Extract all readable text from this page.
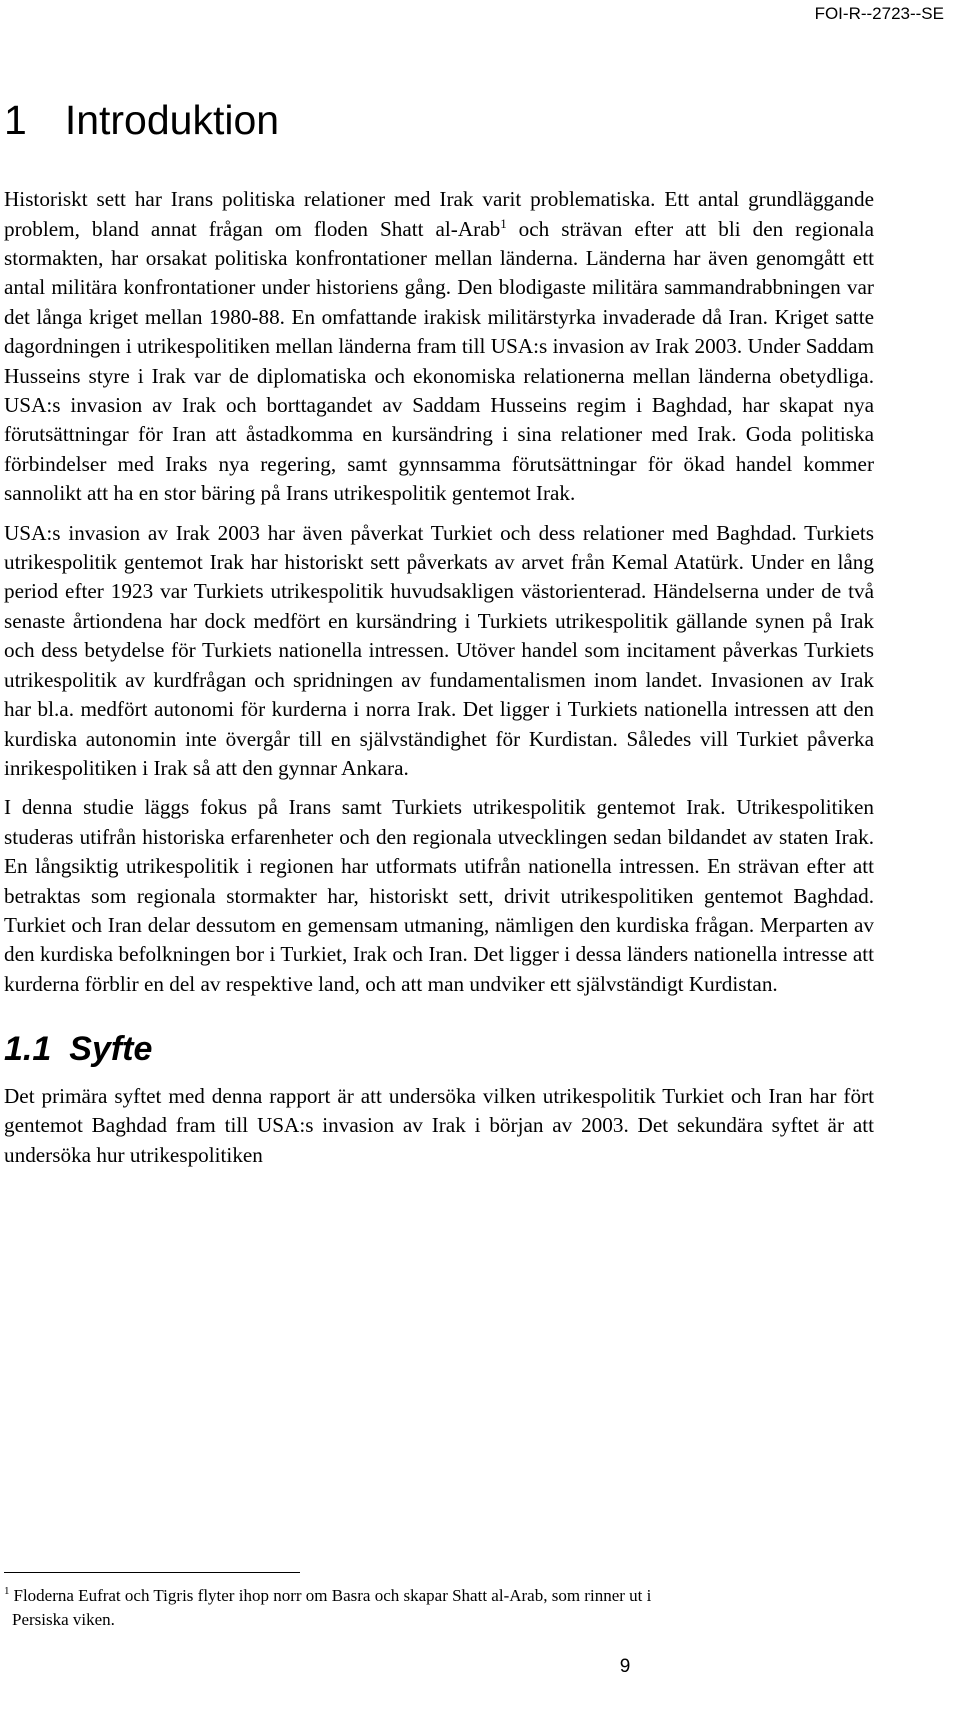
FOI-R--2723--SE
1 Introduktion

Historiskt sett har Irans politiska relationer med Irak varit problematiska. Ett antal grundläggande problem, bland annat frågan om floden Shatt al-Arab$^1$ och strävan efter att bli den regionala stormakten, har orsakat politiska konfrontationer mellan länderna. Länderna har även genomgått ett antal militära konfrontationer under historiens gång. Den blodigaste militära sammandrabbningen var det långa kriget mellan 1980-88. En omfattande irakisk militärstyrka invaderade då Iran. Kriget satte dagordningen i utrikespolitiken mellan länderna fram till USA:s invasion av Irak 2003. Under Saddam Husseins styre i Irak var de diplomatiska och ekonomiska relationerna mellan länderna obetydliga. USA:s invasion av Irak och borttagandet av Saddam Husseins regim i Baghdad, har skapat nya förutsättningar för Iran att åstadkomma en kursändring i sina relationer med Irak. Goda politiska förbindelser med Iraks nya regering, samt gynnsamma förutsättningar för ökad handel kommer sannolikt att ha en stor bäring på Irans utrikespolitik gentemot Irak.

USA:s invasion av Irak 2003 har även påverkat Turkiet och dess relationer med Baghdad. Turkiets utrikespolitik gentemot Irak har historiskt sett påverkats av arvet från Kemal Atatürk. Under en lång period efter 1923 var Turkiets utrikespolitik huvudsakligen västorienterad. Händelserna under de två senaste årtiondena har dock medfört en kursändring i Turkiets utrikespolitik gällande synen på Irak och dess betydelse för Turkiets nationella intressen. Utöver handel som incitament påverkas Turkiets utrikespolitik av kurdfrågan och spridningen av fundamentalismen inom landet. Invasionen av Irak har bl.a. medfört autonomi för kurderna i norra Irak. Det ligger i Turkiets nationella intressen att den kurdiska autonomin inte övergår till en självständighet för Kurdistan. Således vill Turkiet påverka inrikespolitiken i Irak så att den gynnar Ankara.

I denna studie läggs fokus på Irans samt Turkiets utrikespolitik gentemot Irak. Utrikespolitiken studeras utifrån historiska erfarenheter och den regionala utvecklingen sedan bildandet av staten Irak. En långsiktig utrikespolitik i regionen har utformats utifrån nationella intressen. En strävan efter att betraktas som regionala stormakter har, historiskt sett, drivit utrikespolitiken gentemot Baghdad. Turkiet och Iran delar dessutom en gemensam utmaning, nämligen den kurdiska frågan. Merparten av den kurdiska befolkningen bor i Turkiet, Irak och Iran. Det ligger i dessa länders nationella intresse att kurderna förblir en del av respektive land, och att man undviker ett självständigt Kurdistan.

1.1 Syfte

Det primära syftet med denna rapport är att undersöka vilken utrikespolitik Turkiet och Iran har fört gentemot Baghdad fram till USA:s invasion av Irak i början av 2003. Det sekundära syftet är att undersöka hur utrikespolitiken

$^1$ Floderna Eufrat och Tigris flyter ihop norr om Basra och skapar Shatt al-Arab, som rinner ut i
Persiska viken.
9
